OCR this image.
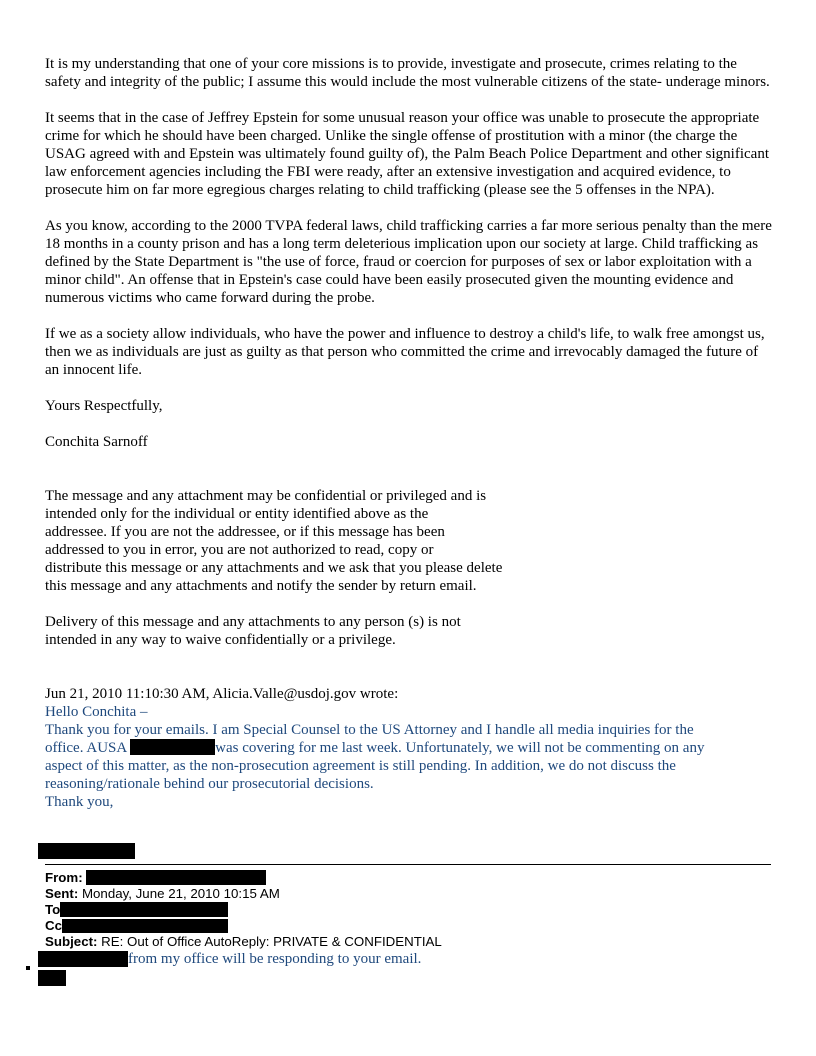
It is my understanding that one of your core missions is to provide, investigate and prosecute, crimes relating to the safety and integrity of the public; I assume this would include the most vulnerable citizens of the state- underage minors.

It seems that in the case of Jeffrey Epstein for some unusual reason your office was unable to prosecute the appropriate crime for which he should have been charged. Unlike the single offense of prostitution with a minor (the charge the USAG agreed with and Epstein was ultimately found guilty of), the Palm Beach Police Department and other significant law enforcement agencies including the FBI were ready, after an extensive investigation and acquired evidence, to prosecute him on far more egregious charges relating to child trafficking (please see the 5 offenses in the NPA).

As you know, according to the 2000 TVPA federal laws, child trafficking carries a far more serious penalty than the mere 18 months in a county prison and has a long term deleterious implication upon our society at large. Child trafficking as defined by the State Department is "the use of force, fraud or coercion for purposes of sex or labor exploitation with a minor child". An offense that in Epstein's case could have been easily prosecuted given the mounting evidence and numerous victims who came forward during the probe.

If we as a society allow individuals, who have the power and influence to destroy a child's life, to walk free amongst us, then we as individuals are just as guilty as that person who committed the crime and irrevocably damaged the future of an innocent life.

Yours Respectfully,

Conchita Sarnoff

The message and any attachment may be confidential or privileged and is

intended only for the individual or entity identified above as the

addressee. If you are not the addressee, or if this message has been

addressed to you in error, you are not authorized to read, copy or

distribute this message or any attachments and we ask that you please delete

this message and any attachments and notify the sender by return email.

Delivery of this message and any attachments to any person (s) is not

intended in any way to waive confidentially or a privilege.

Jun 21, 2010 11:10:30 AM, Alicia.Valle@usdoj.gov wrote:

Hello Conchita –

Thank you for your emails. I am Special Counsel to the US Attorney and I handle all media inquiries for the

office. AUSA	was covering for me last week. Unfortunately, we will not be commenting on any

aspect of this matter, as the non-prosecution agreement is still pending. In addition, we do not discuss the

reasoning/rationale behind our prosecutorial decisions.

Thank you,

From:
Sent: Monday, June 21, 2010 10:15 AM
To
Cc
Subject: RE: Out of Office AutoReply: PRIVATE & CONFIDENTIAL

from my office will be responding to your email.
